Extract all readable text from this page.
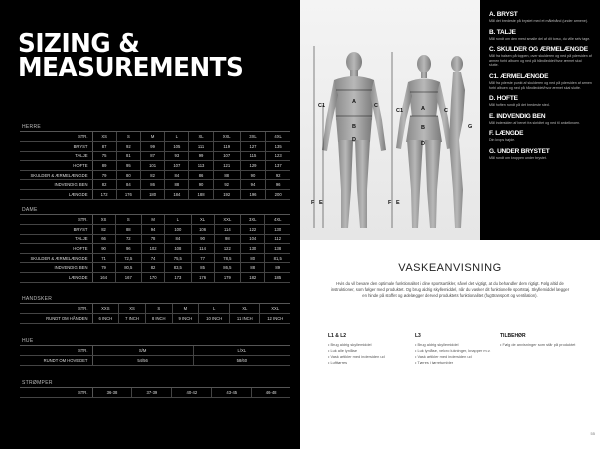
SIZING &
MEASUREMENTS
HERRE
STR.	XS	S	M	L	XL	XXL	3XL	4XL
BRYST	87	92	99	105	111	119	127	135
TALJE	75	81	87	93	99	107	115	123
HOFTE	89	95	101	107	113	121	129	137
SKULDER & ÆRMELÆNGDE	79	80	82	84	86	88	90	92
INDVENDIG BEN	82	84	86	88	90	92	94	96
LÆNGDE	172	176	180	184	188	192	196	200
DAME
STR.	XS	S	M	L	XL	XXL	3XL	4XL
BRYST	82	88	94	100	106	114	122	130
TALJE	66	72	78	84	90	98	104	112
HOFTE	90	96	102	108	114	122	130	138
SKULDER & ÆRMELÆNGDE	71	72,5	74	75,5	77	78,5	80	81,5
INDVENDIG BEN	79	80,5	82	83,5	85	86,5	88	89
LÆNGDE	164	167	170	173	176	179	182	185
HANDSKER
STR.	XXS	XS	S	M	L	XL	XXL
RUNDT OM HÅNDEN	6 INCH	7 INCH	8 INCH	9 INCH	10 INCH	11 INCH	12 INCH
HUE
STR.	S/M	L/XL
RUNDT OM HOVEDET	54/56	58/60
STRØMPER
STR.	36-38	37-39	40-42	43-45	46-48
C1
A
C
B
D
F E
C1	A	C
B
D
F E
G
A. BRYST
Mål det bredeste på brystet med et målebånd (under armene).
B. TALJE
Mål rundt om den mest smalle del af dit torso, du ville selv tage.
C. SKULDER OG ÆRMELÆNGDE
Mål fra halsen på toppen, over skulderen og ned på ydersiden af armen forbi albuen og ned på håndleddet/hvor ærmet skal slutte.
C1. ÆRMELÆNGDE
Mål fra yderste punkt af skulderen og ned på ydersiden af armen forbi albuen og ned på håndleddet/hvor ærmet skal slutte.
D. HOFTE
Mål hoften rundt på det bredeste sted.
E. INDVENDIG BEN
Mål indersiden af benet fra skridtet og ned til ankelknoen.
F. LÆNGDE
Din krops højde.
G. UNDER BRYSTET
Mål rundt om kroppen under brystet.
VASKEANVISNING
Hvis du vil bevare den optimale funktionalitet i dine sportsartikler, såvel det vigtigt, at du behandler dem rigtigt. Følg altid de instruktioner, som følger med produktet. Og brug aldrig skyllemiddel, når du vasker dit funktionelle sportstøj. Skyllemiddel lægger en hinde på stoffet og ødelægger derved produktets funktionalitet (fugttransport og ventilation).
L1 & L2
• Brug aldrig skyllemiddel
• Luk alle lynlåse
• Vask artikler med indersiden ud
• Lufttørres
L3
• Brug aldrig skyllemiddel
• Luk lynlåse, velcro lukninger, knapper m.v.
• Vask artikler med indersiden ud
• Tørres i tørretumbler
TILBEHØR
• Følg de anvisninger som står på produktet
55
